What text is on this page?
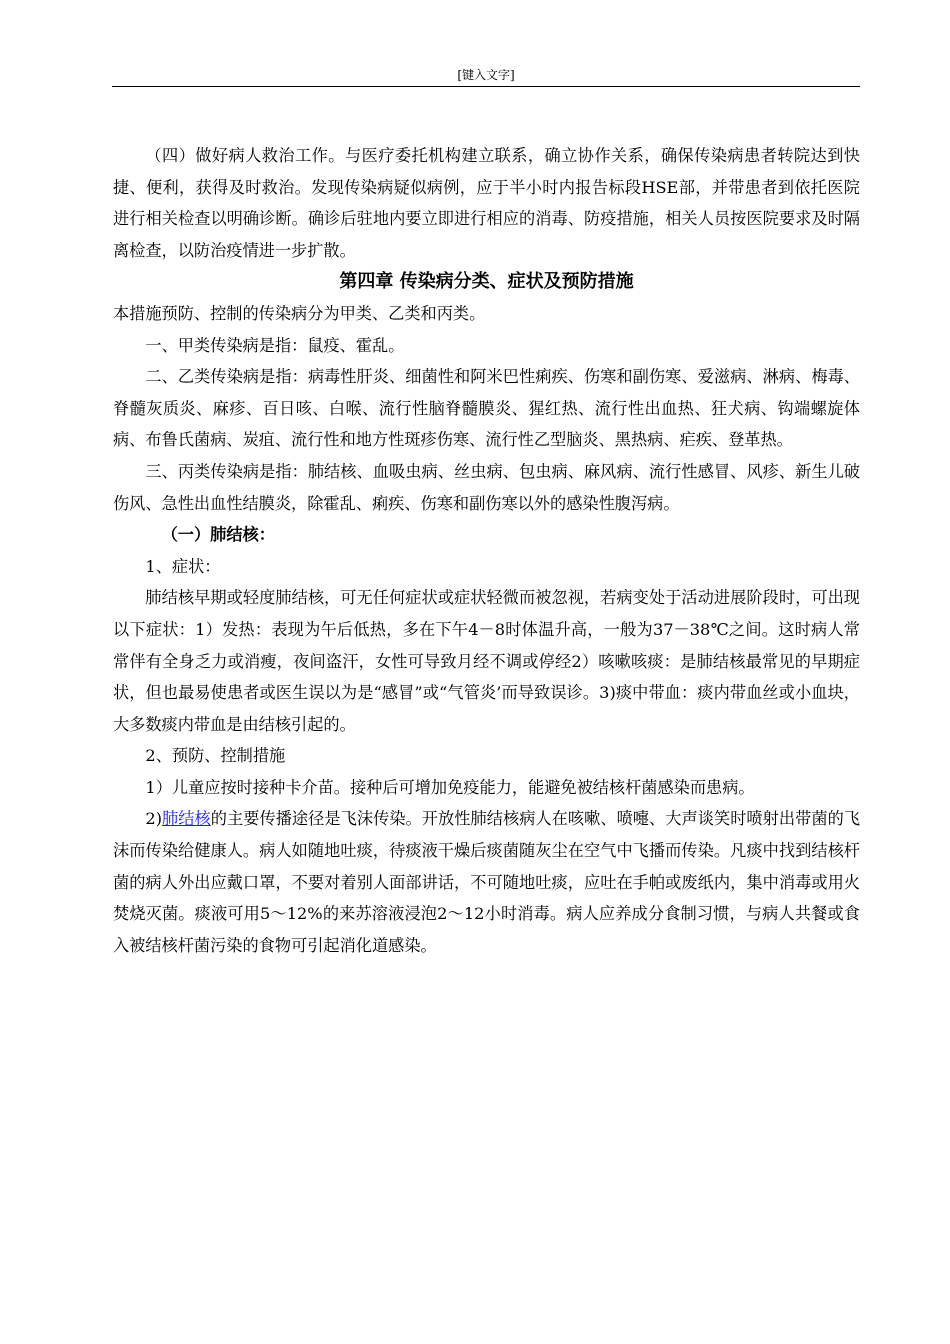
[键入文字]

（四）做好病人救治工作。与医疗委托机构建立联系，确立协作关系，确保传染病患者转院达到快捷、便利，获得及时救治。发现传染病疑似病例，应于半小时内报告标段HSE部，并带患者到依托医院进行相关检查以明确诊断。确诊后驻地内要立即进行相应的消毒、防疫措施，相关人员按医院要求及时隔离检查，以防治疫情进一步扩散。

第四章 传染病分类、症状及预防措施

本措施预防、控制的传染病分为甲类、乙类和丙类。

一、甲类传染病是指：鼠疫、霍乱。

二、乙类传染病是指：病毒性肝炎、细菌性和阿米巴性痢疾、伤寒和副伤寒、爱滋病、淋病、梅毒、脊髓灰质炎、麻疹、百日咳、白喉、流行性脑脊髓膜炎、猩红热、流行性出血热、狂犬病、钩端螺旋体病、布鲁氏菌病、炭疽、流行性和地方性斑疹伤寒、流行性乙型脑炎、黑热病、疟疾、登革热。

三、丙类传染病是指：肺结核、血吸虫病、丝虫病、包虫病、麻风病、流行性感冒、风疹、新生儿破伤风、急性出血性结膜炎，除霍乱、痢疾、伤寒和副伤寒以外的感染性腹泻病。

（一）肺结核：

1、症状：

肺结核早期或轻度肺结核，可无任何症状或症状轻微而被忽视，若病变处于活动进展阶段时，可出现以下症状：1）发热：表现为午后低热，多在下午4－8时体温升高，一般为37－38℃之间。这时病人常常伴有全身乏力或消瘦，夜间盗汗，女性可导致月经不调或停经2）咳嗽咳痰：是肺结核最常见的早期症状，但也最易使患者或医生误以为是“感冒”或“气管炎’而导致误诊。3)痰中带血：痰内带血丝或小血块，大多数痰内带血是由结核引起的。

2、预防、控制措施

1）儿童应按时接种卡介苗。接种后可增加免疫能力，能避免被结核杆菌感染而患病。

2)肺结核的主要传播途径是飞沫传染。开放性肺结核病人在咳嗽、喷嚏、大声谈笑时喷射出带菌的飞沫而传染给健康人。病人如随地吐痰，待痰液干燥后痰菌随灰尘在空气中飞播而传染。凡痰中找到结核杆菌的病人外出应戴口罩，不要对着别人面部讲话，不可随地吐痰，应吐在手帕或废纸内，集中消毒或用火焚烧灭菌。痰液可用5～12%的来苏溶液浸泡2～12小时消毒。病人应养成分食制习惯，与病人共餐或食入被结核杆菌污染的食物可引起消化道感染。
